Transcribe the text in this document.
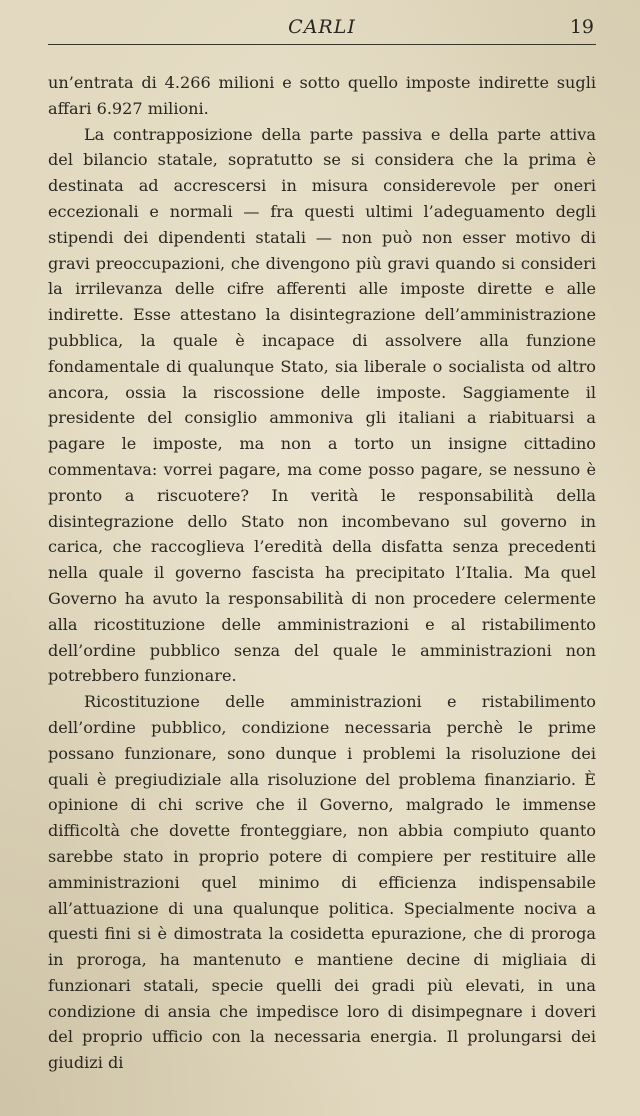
CARLI	19

un’entrata di 4.266 milioni e sotto quello imposte indirette sugli affari 6.927 milioni.

La contrapposizione della parte passiva e della parte attiva del bilancio statale, sopratutto se si considera che la prima è destinata ad accrescersi in misura considerevole per oneri eccezionali e normali — fra questi ultimi l’adeguamento degli stipendi dei dipendenti statali — non può non esser motivo di gravi preoccupazioni, che divengono più gravi quando si consideri la irrilevanza delle cifre afferenti alle imposte dirette e alle indirette. Esse attestano la disintegrazione dell’amministrazione pubblica, la quale è incapace di assolvere alla funzione fondamentale di qualunque Stato, sia liberale o socialista od altro ancora, ossia la riscossione delle imposte. Saggiamente il presidente del consiglio ammoniva gli italiani a riabituarsi a pagare le imposte, ma non a torto un insigne cittadino commentava: vorrei pagare, ma come posso pagare, se nessuno è pronto a riscuotere? In verità le responsabilità della disintegrazione dello Stato non incombevano sul governo in carica, che raccoglieva l’eredità della disfatta senza precedenti nella quale il governo fascista ha precipitato l’Italia. Ma quel Governo ha avuto la responsabilità di non procedere celermente alla ricostituzione delle amministrazioni e al ristabilimento dell’ordine pubblico senza del quale le amministrazioni non potrebbero funzionare.

Ricostituzione delle amministrazioni e ristabilimento dell’ordine pubblico, condizione necessaria perchè le prime possano funzionare, sono dunque i problemi la risoluzione dei quali è pregiudiziale alla risoluzione del problema finanziario. È opinione di chi scrive che il Governo, malgrado le immense difficoltà che dovette fronteggiare, non abbia compiuto quanto sarebbe stato in proprio potere di compiere per restituire alle amministrazioni quel minimo di efficienza indispensabile all’attuazione di una qualunque politica. Specialmente nociva a questi fini si è dimostrata la cosidetta epurazione, che di proroga in proroga, ha mantenuto e mantiene decine di migliaia di funzionari statali, specie quelli dei gradi più elevati, in una condizione di ansia che impedisce loro di disimpegnare i doveri del proprio ufficio con la necessaria energia. Il prolungarsi dei giudizi di
